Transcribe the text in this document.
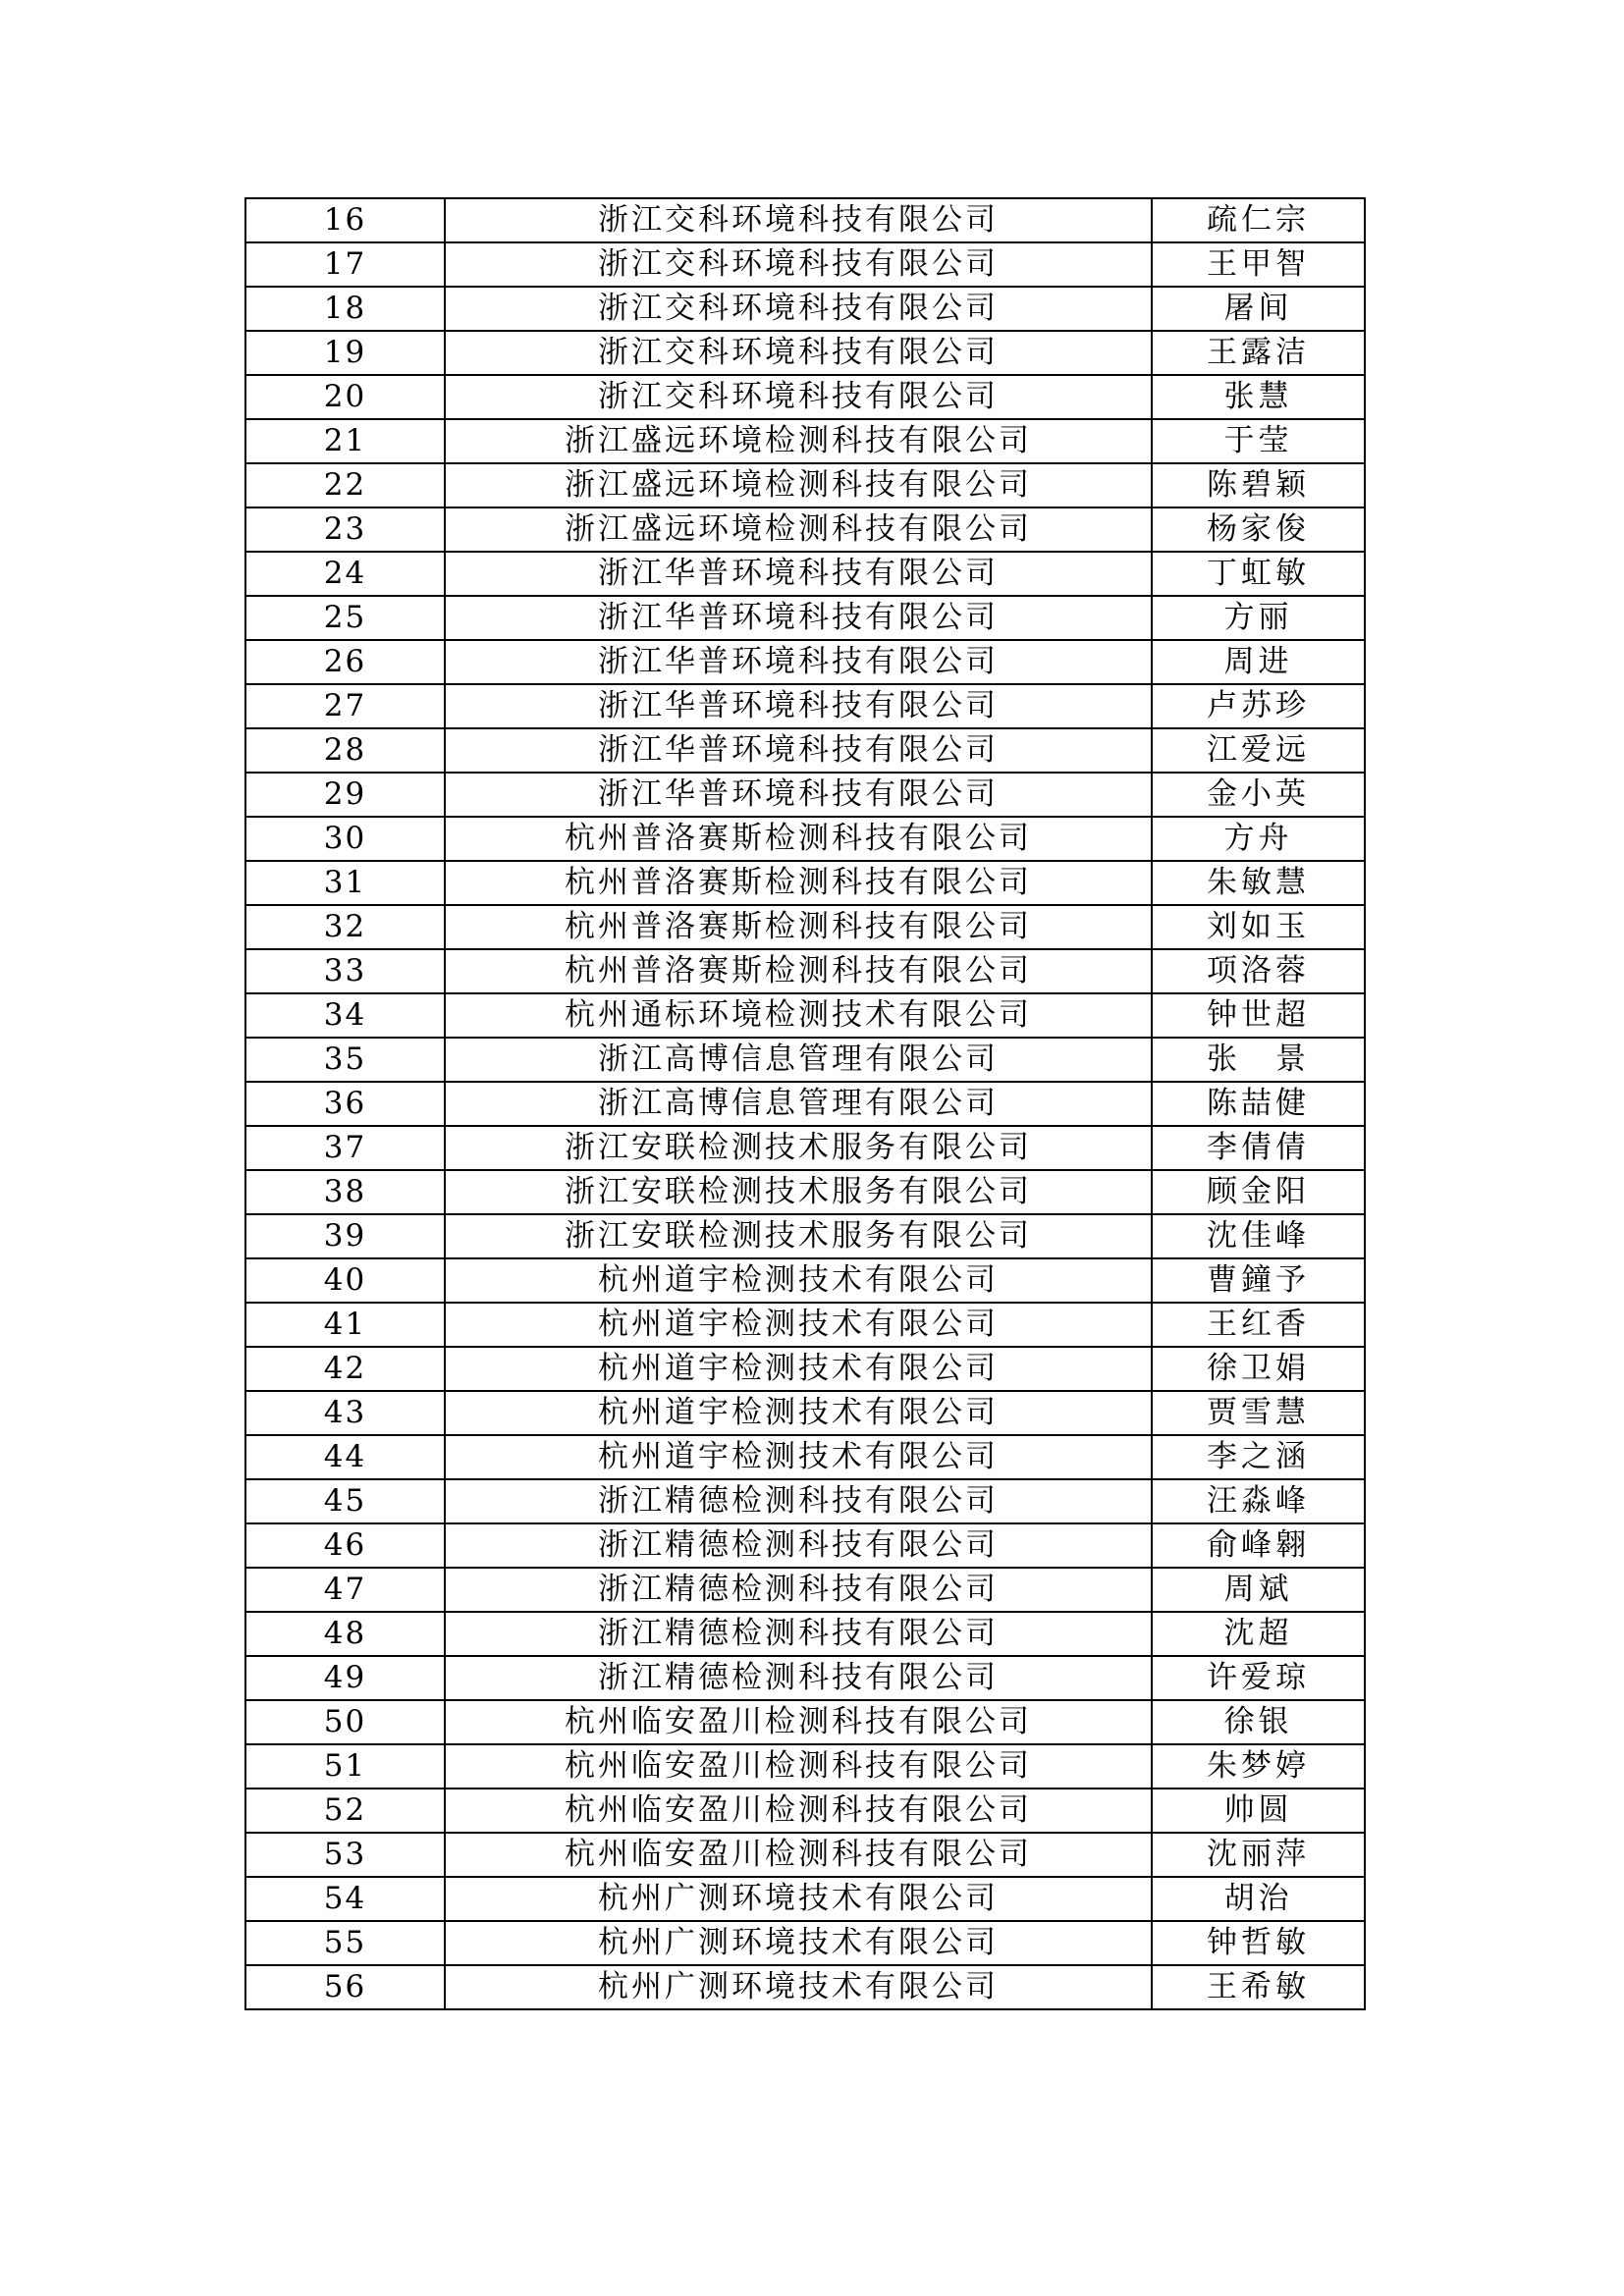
16	浙江交科环境科技有限公司	疏仁宗
17	浙江交科环境科技有限公司	王甲智
18	浙江交科环境科技有限公司	屠间
19	浙江交科环境科技有限公司	王露洁
20	浙江交科环境科技有限公司	张慧
21	浙江盛远环境检测科技有限公司	于莹
22	浙江盛远环境检测科技有限公司	陈碧颖
23	浙江盛远环境检测科技有限公司	杨家俊
24	浙江华普环境科技有限公司	丁虹敏
25	浙江华普环境科技有限公司	方丽
26	浙江华普环境科技有限公司	周进
27	浙江华普环境科技有限公司	卢苏珍
28	浙江华普环境科技有限公司	江爱远
29	浙江华普环境科技有限公司	金小英
30	杭州普洛赛斯检测科技有限公司	方舟
31	杭州普洛赛斯检测科技有限公司	朱敏慧
32	杭州普洛赛斯检测科技有限公司	刘如玉
33	杭州普洛赛斯检测科技有限公司	项洛蓉
34	杭州通标环境检测技术有限公司	钟世超
35	浙江高博信息管理有限公司	张　景
36	浙江高博信息管理有限公司	陈喆健
37	浙江安联检测技术服务有限公司	李倩倩
38	浙江安联检测技术服务有限公司	顾金阳
39	浙江安联检测技术服务有限公司	沈佳峰
40	杭州道宇检测技术有限公司	曹鐘予
41	杭州道宇检测技术有限公司	王红香
42	杭州道宇检测技术有限公司	徐卫娟
43	杭州道宇检测技术有限公司	贾雪慧
44	杭州道宇检测技术有限公司	李之涵
45	浙江精德检测科技有限公司	汪淼峰
46	浙江精德检测科技有限公司	俞峰翱
47	浙江精德检测科技有限公司	周斌
48	浙江精德检测科技有限公司	沈超
49	浙江精德检测科技有限公司	许爱琼
50	杭州临安盈川检测科技有限公司	徐银
51	杭州临安盈川检测科技有限公司	朱梦婷
52	杭州临安盈川检测科技有限公司	帅圆
53	杭州临安盈川检测科技有限公司	沈丽萍
54	杭州广测环境技术有限公司	胡治
55	杭州广测环境技术有限公司	钟哲敏
56	杭州广测环境技术有限公司	王希敏
